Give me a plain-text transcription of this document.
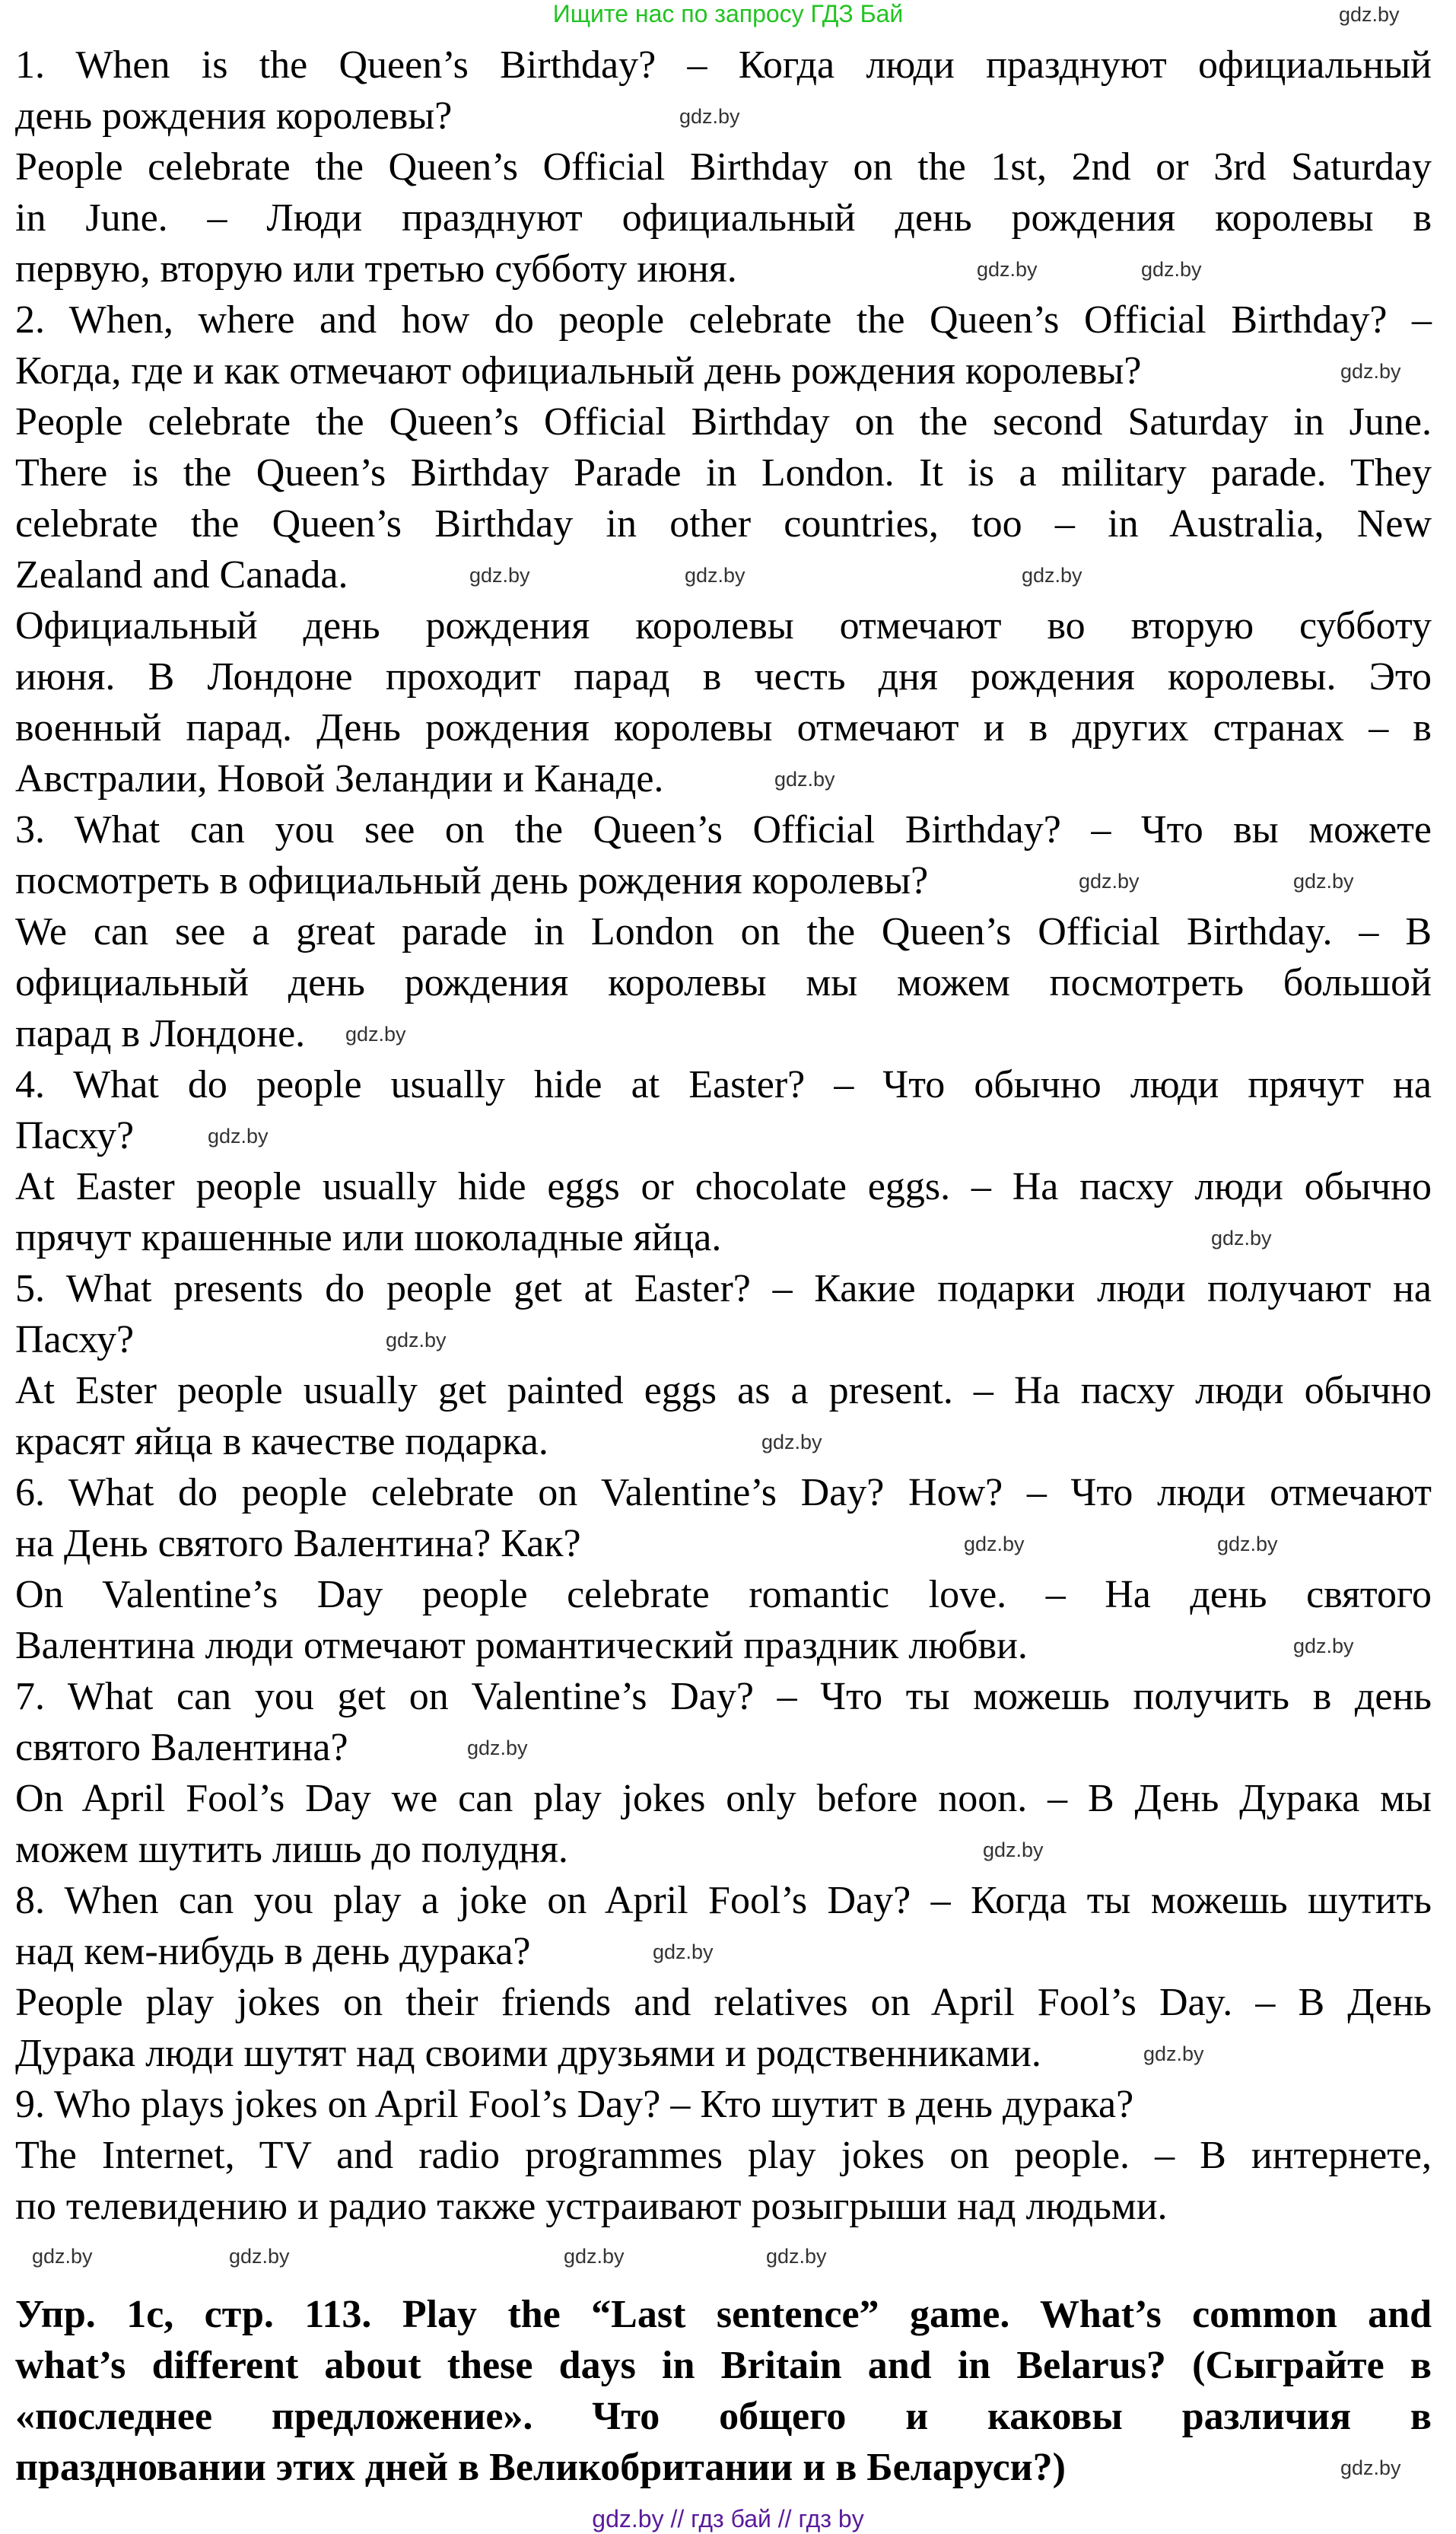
Ищите нас по запросу ГДЗ Бай
1. When is the Queen’s Birthday? – Когда люди празднуют официальный
день рождения королевы?
People celebrate the Queen’s Official Birthday on the 1st, 2nd or 3rd Saturday
in June. – Люди празднуют официальный день рождения королевы в
первую, вторую или третью субботу июня.
2. When, where and how do people celebrate the Queen’s Official Birthday? –
Когда, где и как отмечают официальный день рождения королевы?
People celebrate the Queen’s Official Birthday on the second Saturday in June.
There is the Queen’s Birthday Parade in London. It is a military parade. They
celebrate the Queen’s Birthday in other countries, too – in Australia, New
Zealand and Canada.
Официальный день рождения королевы отмечают во вторую субботу
июня. В Лондоне проходит парад в честь дня рождения королевы. Это
военный парад. День рождения королевы отмечают и в других странах – в
Австралии, Новой Зеландии и Канаде.
3. What can you see on the Queen’s Official Birthday? – Что вы можете
посмотреть в официальный день рождения королевы?
We can see a great parade in London on the Queen’s Official Birthday. – В
официальный день рождения королевы мы можем посмотреть большой
парад в Лондоне.
4. What do people usually hide at Easter? – Что обычно люди прячут на
Пасху?
At Easter people usually hide eggs or chocolate eggs. – На пасху люди обычно
прячут крашенные или шоколадные яйца.
5. What presents do people get at Easter? – Какие подарки люди получают на
Пасху?
At Ester people usually get painted eggs as a present. – На пасху люди обычно
красят яйца в качестве подарка.
6. What do people celebrate on Valentine’s Day? How? – Что люди отмечают
на День святого Валентина? Как?
On Valentine’s Day people celebrate romantic love. – На день святого
Валентина люди отмечают романтический праздник любви.
7. What can you get on Valentine’s Day? – Что ты можешь получить в день
святого Валентина?
On April Fool’s Day we can play jokes only before noon. – В День Дурака мы
можем шутить лишь до полудня.
8. When can you play a joke on April Fool’s Day? – Когда ты можешь шутить
над кем-нибудь в день дурака?
People play jokes on their friends and relatives on April Fool’s Day. – В День
Дурака люди шутят над своими друзьями и родственниками.
9. Who plays jokes on April Fool’s Day? – Кто шутит в день дурака?
The Internet, TV and radio programmes play jokes on people. – В интернете,
по телевидению и радио также устраивают розыгрыши над людьми.
Упр. 1с, стр. 113. Play the “Last sentence” game. What’s common and
what’s different about these days in Britain and in Belarus? (Сыграйте в
«последнее предложение». Что общего и каковы различия в
праздновании этих дней в Великобритании и в Беларуси?)
gdz.by
gdz.by
gdz.by
gdz.by
gdz.by
gdz.by
gdz.by	gdz.by
gdz.by
gdz.by	gdz.by
gdz.by
gdz.by
gdz.by
gdz.by
gdz.by
gdz.by	gdz.by
gdz.by
gdz.by
gdz.by
gdz.by
gdz.by
gdz.by
gdz.by	gdz.by	gdz.by
gdz.by
gdz.by // гдз бай // гдз by
